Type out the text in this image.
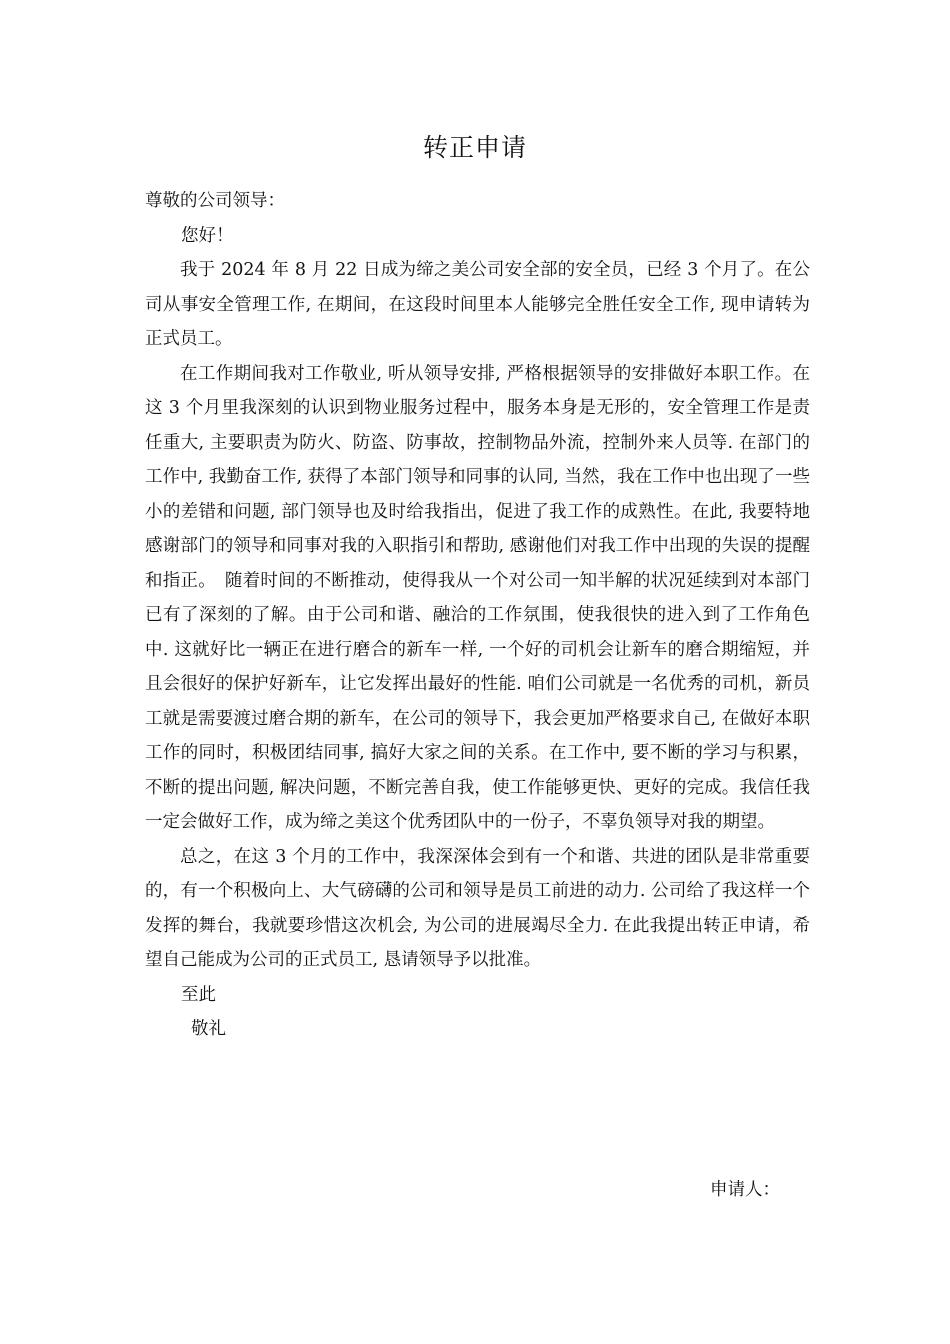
转正申请

尊敬的公司领导：

您好！

我于 2024 年 8 月 22 日成为缔之美公司安全部的安全员，已经 3 个月了。在公司从事安全管理工作, 在期间，在这段时间里本人能够完全胜任安全工作, 现申请转为正式员工。

在工作期间我对工作敬业, 听从领导安排, 严格根据领导的安排做好本职工作。在这 3 个月里我深刻的认识到物业服务过程中，服务本身是无形的，安全管理工作是责任重大, 主要职责为防火、防盗、防事故，控制物品外流，控制外来人员等. 在部门的工作中, 我勤奋工作, 获得了本部门领导和同事的认同, 当然，我在工作中也出现了一些小的差错和问题, 部门领导也及时给我指出，促进了我工作的成熟性。在此, 我要特地感谢部门的领导和同事对我的入职指引和帮助, 感谢他们对我工作中出现的失误的提醒和指正。　随着时间的不断推动，使得我从一个对公司一知半解的状况延续到对本部门已有了深刻的了解。由于公司和谐、融洽的工作氛围，使我很快的进入到了工作角色中. 这就好比一辆正在进行磨合的新车一样, 一个好的司机会让新车的磨合期缩短，并且会很好的保护好新车，让它发挥出最好的性能. 咱们公司就是一名优秀的司机，新员工就是需要渡过磨合期的新车，在公司的领导下，我会更加严格要求自己, 在做好本职工作的同时，积极团结同事, 搞好大家之间的关系。在工作中, 要不断的学习与积累，不断的提出问题, 解决问题，不断完善自我，使工作能够更快、更好的完成。我信任我一定会做好工作，成为缔之美这个优秀团队中的一份子，不辜负领导对我的期望。

总之，在这 3 个月的工作中，我深深体会到有一个和谐、共进的团队是非常重要的，有一个积极向上、大气磅礴的公司和领导是员工前进的动力. 公司给了我这样一个发挥的舞台，我就要珍惜这次机会, 为公司的进展竭尽全力. 在此我提出转正申请，希望自己能成为公司的正式员工, 恳请领导予以批准。

至此

敬礼

申请人：
